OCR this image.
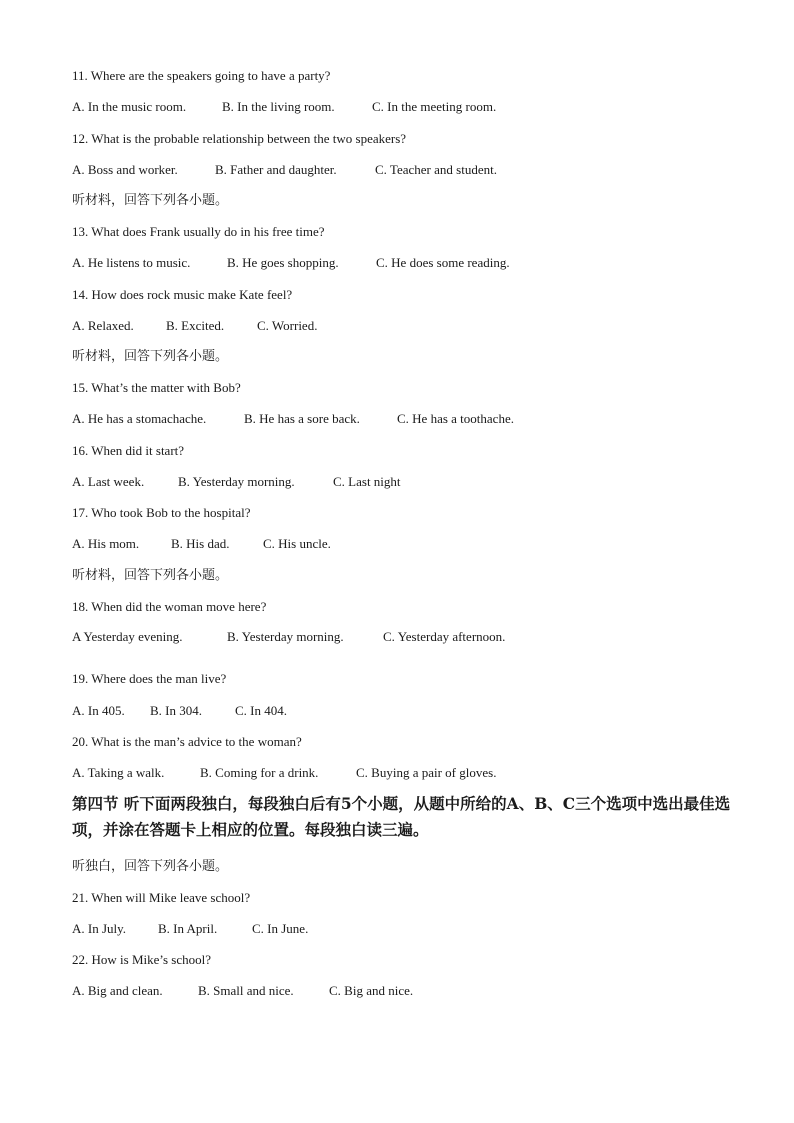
11. Where are the speakers going to have a party?
A. In the music room.	B. In the living room.	C. In the meeting room.
12. What is the probable relationship between the two speakers?
A. Boss and worker.	B. Father and daughter.	C. Teacher and student.
听材料，回答下列各小题。
13. What does Frank usually do in his free time?
A. He listens to music.	B. He goes shopping.	C. He does some reading.
14. How does rock music make Kate feel?
A. Relaxed. B. Excited.	C. Worried.
听材料，回答下列各小题。
15. What’s the matter with Bob?
A. He has a stomachache.	B. He has a sore back.	C. He has a toothache.
16. When did it start?
A. Last week.	B. Yesterday morning.	C. Last night
17. Who took Bob to the hospital?
A. His mom. B. His dad.	C. His uncle.
听材料，回答下列各小题。
18. When did the woman move here?
A Yesterday evening.	B. Yesterday morning.	C. Yesterday afternoon.
19. Where does the man live?
A. In 405. B. In 304.	C. In 404.
20. What is the man’s advice to the woman?
A. Taking a walk.	B. Coming for a drink.	C. Buying a pair of gloves.
第四节 听下面两段独白，每段独白后有5个小题，从题中所给的A、B、C三个选项中选出最佳选项，并涂在答题卡上相应的位置。每段独白读三遍。
听独白，回答下列各小题。
21. When will Mike leave school?
A. In July. B. In April.	C. In June.
22. How is Mike’s school?
A. Big and clean.	B. Small and nice.	C. Big and nice.
